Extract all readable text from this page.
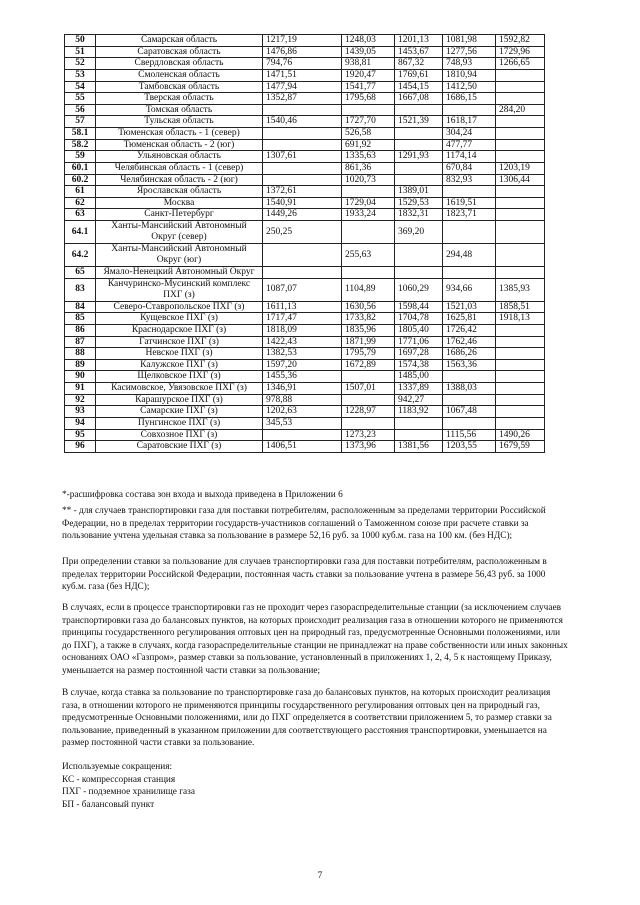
50	Самарская область	1217,19	1248,03	1201,13	1081,98	1592,82
51	Саратовская область	1476,86	1439,05	1453,67	1277,56	1729,96
52	Свердловская область	794,76	938,81	867,32	748,93	1266,65
53	Смоленская область	1471,51	1920,47	1769,61	1810,94	
54	Тамбовская область	1477,94	1541,77	1454,15	1412,50	
55	Тверская область	1352,87	1795,68	1667,08	1686,15	
56	Томская область					284,20
57	Тульская область	1540,46	1727,70	1521,39	1618,17	
58.1	Тюменская область - 1 (север)		526,58		304,24	
58.2	Тюменская область - 2 (юг)		691,92		477,77	
59	Ульяновская область	1307,61	1335,63	1291,93	1174,14	
60.1	Челябинская область - 1 (север)		861,36		670,84	1203,19
60.2	Челябинская область - 2 (юг)		1020,73		832,93	1306,44
61	Ярославская область	1372,61		1389,01		
62	Москва	1540,91	1729,04	1529,53	1619,51	
63	Санкт-Петербург	1449,26	1933,24	1832,31	1823,71	
64.1	Ханты-Мансийский Автономный Округ (север)	250,25		369,20		
64.2	Ханты-Мансийский Автономный Округ (юг)		255,63		294,48	
65	Ямало-Ненецкий Автономный Округ					
83	Канчуринско-Мусинский комплекс ПХГ (з)	1087,07	1104,89	1060,29	934,66	1385,93
84	Северо-Ставропольское ПХГ (з)	1611,13	1630,56	1598,44	1521,03	1858,51
85	Кущевское ПХГ (з)	1717,47	1733,82	1704,78	1625,81	1918,13
86	Краснодарское ПХГ (з)	1818,09	1835,96	1805,40	1726,42	
87	Гатчинское ПХГ (з)	1422,43	1871,99	1771,06	1762,46	
88	Невское ПХГ (з)	1382,53	1795,79	1697,28	1686,26	
89	Калужское ПХГ (з)	1597,20	1672,89	1574,38	1563,36	
90	Щелковское ПХГ (з)	1455,36		1485,00		
91	Касимовское, Увязовское ПХГ (з)	1346,91	1507,01	1337,89	1388,03	
92	Карашурское ПХГ (з)	978,88		942,27		
93	Самарские ПХГ (з)	1202,63	1228,97	1183,92	1067,48	
94	Пунгинское ПХГ (з)	345,53				
95	Совхозное ПХГ (з)		1273,23		1115,56	1490,26
96	Саратовские ПХГ (з)	1406,51	1373,96	1381,56	1203,55	1679,59

*-расшифровка состава зон входа и выхода приведена в Приложении 6

** - для случаев транспортировки газа для поставки потребителям, расположенным за пределами территории Российской Федерации, но в пределах территории государств-участников соглашений о Таможенном союзе при расчете ставки за пользование учтена удельная ставка за пользование в размере 52,16 руб. за 1000 куб.м. газа на 100 км. (без НДС);

При определении ставки за пользование для случаев транспортировки газа для поставки потребителям, расположенным в пределах территории Российской Федерации, постоянная часть ставки за пользование учтена в размере 56,43 руб. за 1000 куб.м. газа (без НДС);

В случаях, если в процессе транспортировки газ не проходит через газораспределительные станции (за исключением случаев транспортировки газа до балансовых пунктов, на которых происходит реализация газа в отношении которого не применяются принципы государственного регулирования оптовых цен на природный газ, предусмотренные Основными положениями, или до ПХГ), а также в случаях, когда газораспределительные станции не принадлежат на праве собственности или иных законных основаниях ОАО «Газпром», размер ставки за пользование, установленный в приложениях 1, 2, 4, 5 к настоящему Приказу, уменьшается на размер постоянной части ставки за пользование;

В случае, когда ставка за пользование по транспортировке газа до балансовых пунктов, на которых происходит реализация газа, в отношении которого не применяются принципы государственного регулирования оптовых цен на природный газ, предусмотренные Основными положениями, или до ПХГ определяется в соответствии приложением 5, то размер ставки за пользование, приведенный в указанном приложении для соответствующего расстояния транспортировки, уменьшается на размер постоянной части ставки за пользование.

Используемые сокращения:

КС - компрессорная станция

ПХГ - подземное хранилище газа

БП - балансовый пункт

7
